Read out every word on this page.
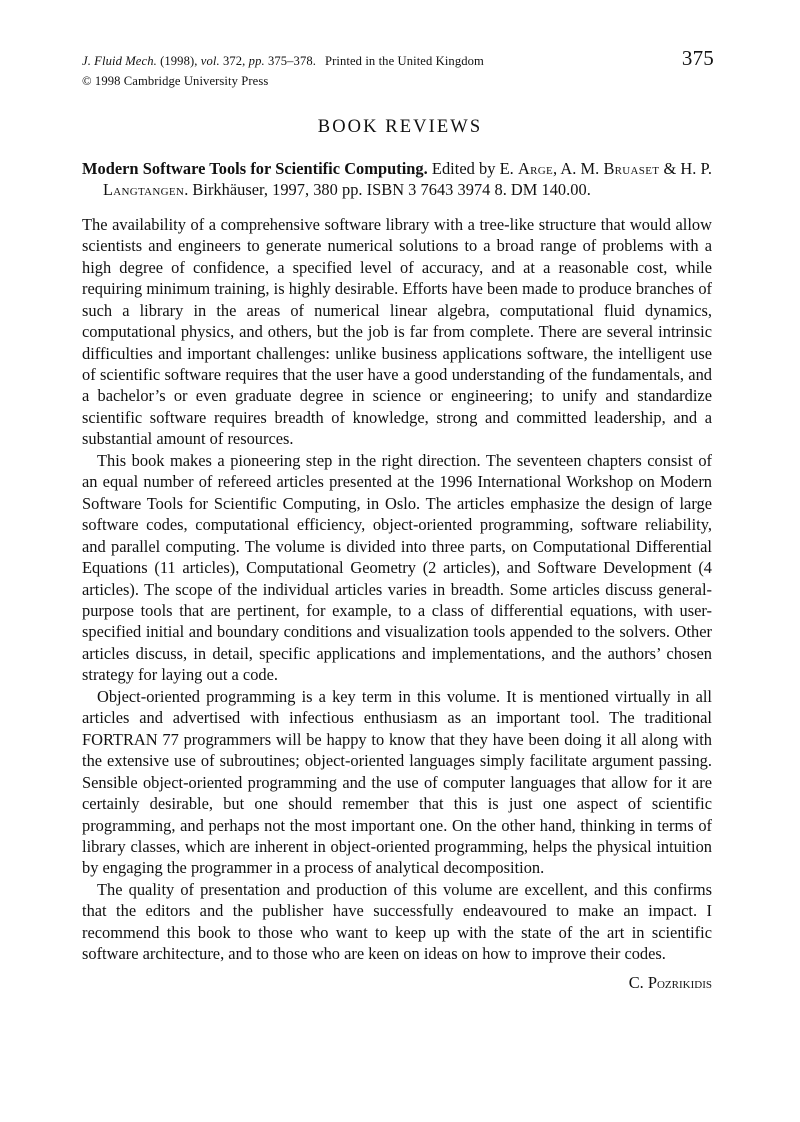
J. Fluid Mech. (1998), vol. 372, pp. 375–378. Printed in the United Kingdom
© 1998 Cambridge University Press
375
BOOK REVIEWS

Modern Software Tools for Scientific Computing. Edited by E. Arge, A. M. Bruaset & H. P. Langtangen. Birkhäuser, 1997, 380 pp. ISBN 3 7643 3974 8. DM 140.00.

The availability of a comprehensive software library with a tree-like structure that would allow scientists and engineers to generate numerical solutions to a broad range of problems with a high degree of confidence, a specified level of accuracy, and at a reasonable cost, while requiring minimum training, is highly desirable. Efforts have been made to produce branches of such a library in the areas of numerical linear algebra, computational fluid dynamics, computational physics, and others, but the job is far from complete. There are several intrinsic difficulties and important challenges: unlike business applications software, the intelligent use of scientific software requires that the user have a good understanding of the fundamentals, and a bachelor’s or even graduate degree in science or engineering; to unify and standardize scientific software requires breadth of knowledge, strong and committed leadership, and a substantial amount of resources.

This book makes a pioneering step in the right direction. The seventeen chapters consist of an equal number of refereed articles presented at the 1996 International Workshop on Modern Software Tools for Scientific Computing, in Oslo. The articles emphasize the design of large software codes, computational efficiency, object-oriented programming, software reliability, and parallel computing. The volume is divided into three parts, on Computational Differential Equations (11 articles), Computational Geometry (2 articles), and Software Development (4 articles). The scope of the individual articles varies in breadth. Some articles discuss general-purpose tools that are pertinent, for example, to a class of differential equations, with user-specified initial and boundary conditions and visualization tools appended to the solvers. Other articles discuss, in detail, specific applications and implementations, and the authors’ chosen strategy for laying out a code.

Object-oriented programming is a key term in this volume. It is mentioned virtually in all articles and advertised with infectious enthusiasm as an important tool. The traditional FORTRAN 77 programmers will be happy to know that they have been doing it all along with the extensive use of subroutines; object-oriented languages simply facilitate argument passing. Sensible object-oriented programming and the use of computer languages that allow for it are certainly desirable, but one should remember that this is just one aspect of scientific programming, and perhaps not the most important one. On the other hand, thinking in terms of library classes, which are inherent in object-oriented programming, helps the physical intuition by engaging the programmer in a process of analytical decomposition.

The quality of presentation and production of this volume are excellent, and this confirms that the editors and the publisher have successfully endeavoured to make an impact. I recommend this book to those who want to keep up with the state of the art in scientific software architecture, and to those who are keen on ideas on how to improve their codes.

C. Pozrikidis
